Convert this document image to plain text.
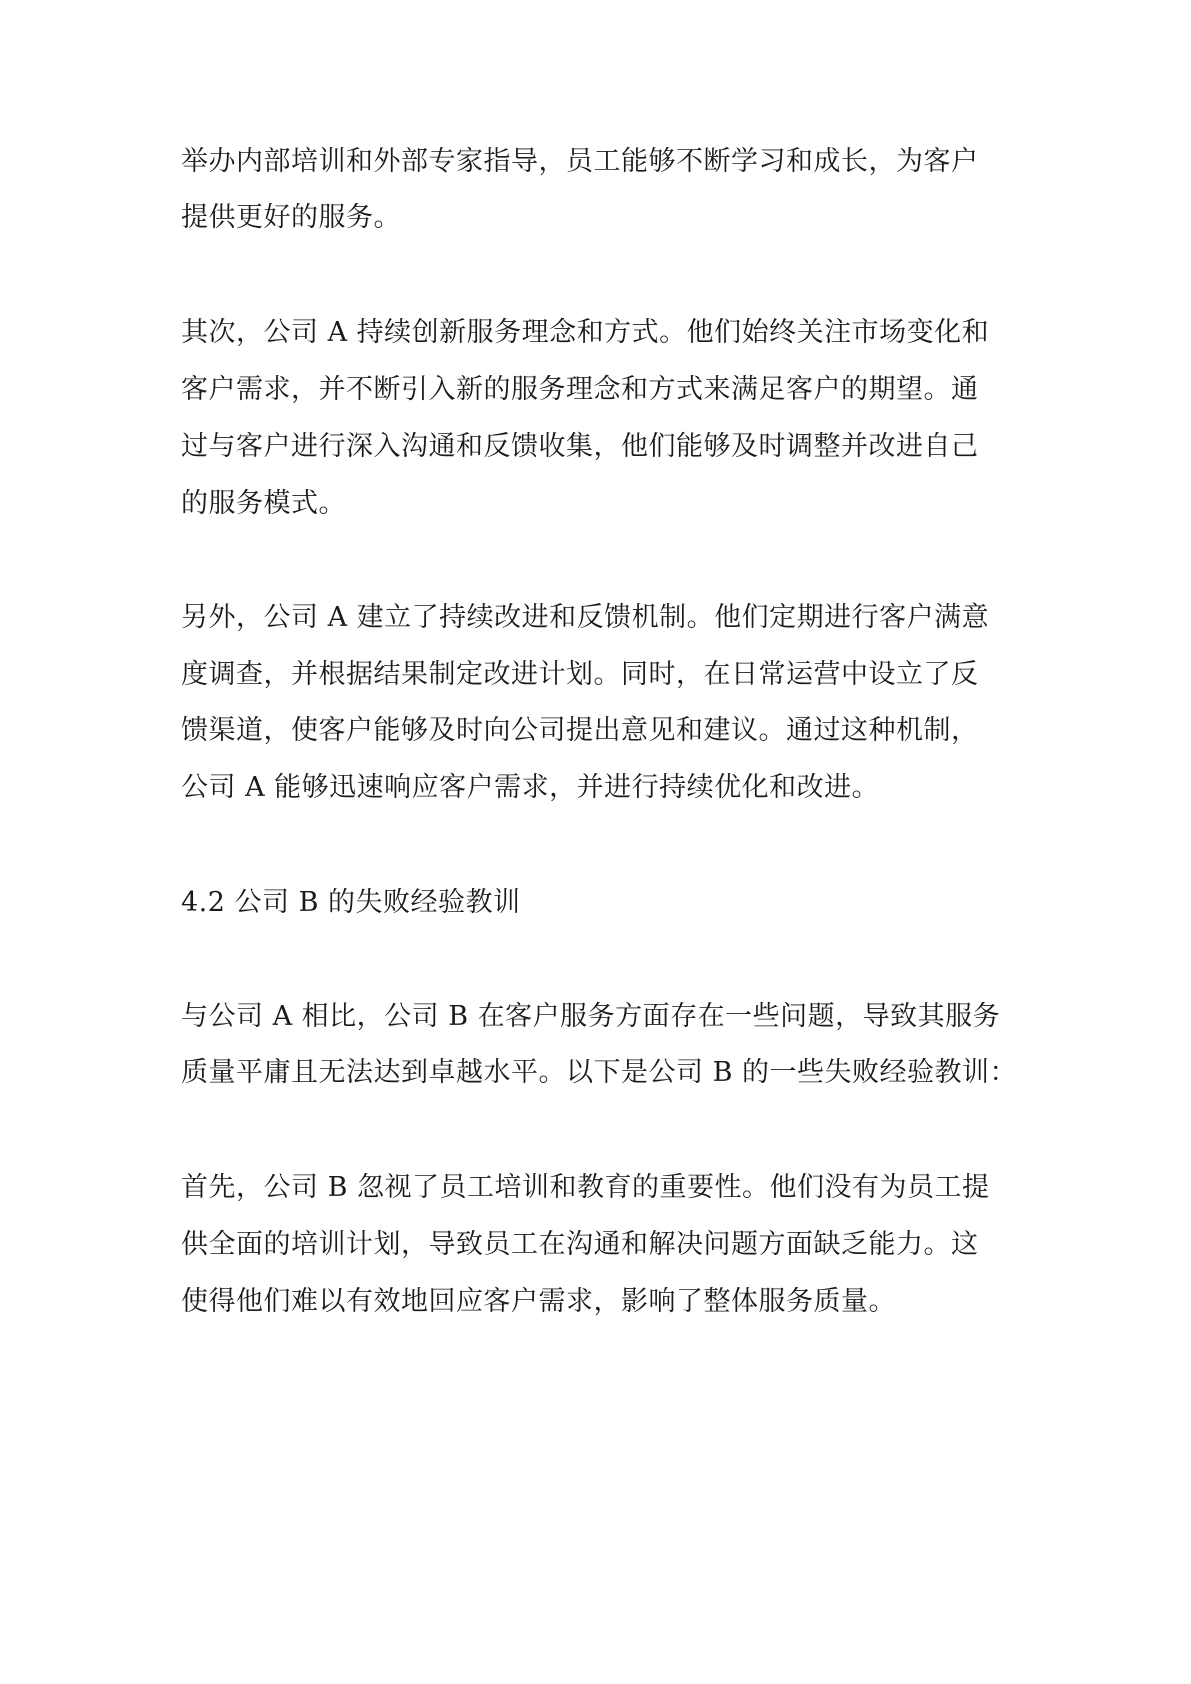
举办内部培训和外部专家指导，员工能够不断学习和成长，为客户
提供更好的服务。
其次，公司 A 持续创新服务理念和方式。他们始终关注市场变化和
客户需求，并不断引入新的服务理念和方式来满足客户的期望。通
过与客户进行深入沟通和反馈收集，他们能够及时调整并改进自己
的服务模式。
另外，公司 A 建立了持续改进和反馈机制。他们定期进行客户满意
度调查，并根据结果制定改进计划。同时，在日常运营中设立了反
馈渠道，使客户能够及时向公司提出意见和建议。通过这种机制，
公司 A 能够迅速响应客户需求，并进行持续优化和改进。
4.2 公司 B 的失败经验教训
与公司 A 相比，公司 B 在客户服务方面存在一些问题，导致其服务
质量平庸且无法达到卓越水平。以下是公司 B 的一些失败经验教训：
首先，公司 B 忽视了员工培训和教育的重要性。他们没有为员工提
供全面的培训计划，导致员工在沟通和解决问题方面缺乏能力。这
使得他们难以有效地回应客户需求，影响了整体服务质量。
